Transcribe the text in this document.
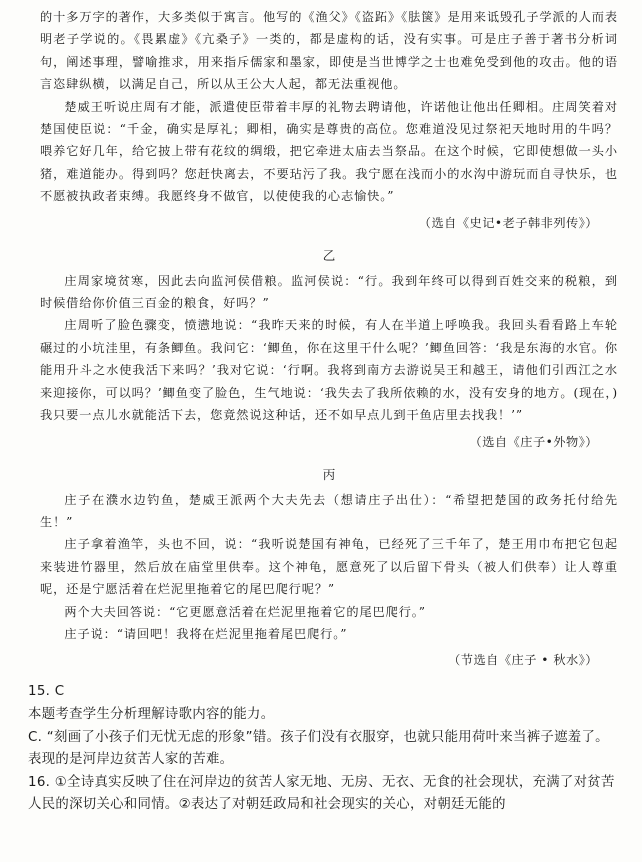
的十多万字的著作，大多类似于寓言。他写的《渔父》《盗跖》《胠箧》是用来诋毁孔子学派的人而表明老子学说的。《畏累虚》《亢桑子》一类的，都是虚构的话，没有实事。可是庄子善于著书分析词句，阐述事理，譬喻推求，用来指斥儒家和墨家，即使是当世博学之士也难免受到他的攻击。他的语言恣肆纵横，以满足自己，所以从王公大人起，都无法重视他。

楚威王听说庄周有才能，派遣使臣带着丰厚的礼物去聘请他，许诺他让他出任卿相。庄周笑着对楚国使臣说：“千金，确实是厚礼；卿相，确实是尊贵的高位。您难道没见过祭祀天地时用的牛吗？喂养它好几年，给它披上带有花纹的绸缎，把它牵进太庙去当祭品。在这个时候，它即使想做一头小猪，难道能办。得到吗？您赶快离去，不要玷污了我。我宁愿在浅而小的水沟中游玩而自寻快乐，也不愿被执政者束缚。我愿终身不做官，以使使我的心志愉快。”

（选自《史记•老子韩非列传》）

乙

庄周家境贫寒，因此去向监河侯借粮。监河侯说：“行。我到年终可以得到百姓交来的税粮，到时候借给你价值三百金的粮食，好吗？”

庄周听了脸色骤变，愤懑地说：“我昨天来的时候，有人在半道上呼唤我。我回头看看路上车轮碾过的小坑洼里，有条鲫鱼。我问它：‘鲫鱼，你在这里干什么呢？’鲫鱼回答：‘我是东海的水官。你能用升斗之水使我活下来吗？’我对它说：‘行啊。我将到南方去游说吴王和越王，请他们引西江之水来迎接你，可以吗？’鲫鱼变了脸色，生气地说：‘我失去了我所依赖的水，没有安身的地方。(现在，)我只要一点儿水就能活下去，您竟然说这种话，还不如早点儿到干鱼店里去找我！’”

（选自《庄子•外物》）

丙

庄子在濮水边钓鱼，楚威王派两个大夫先去（想请庄子出仕）：“希望把楚国的政务托付给先生！”

庄子拿着渔竿，头也不回，说：“我听说楚国有神龟，已经死了三千年了，楚王用巾布把它包起来装进竹器里，然后放在庙堂里供奉。这个神龟，愿意死了以后留下骨头（被人们供奉）让人尊重呢，还是宁愿活着在烂泥里拖着它的尾巴爬行呢？”

两个大夫回答说：“它更愿意活着在烂泥里拖着它的尾巴爬行。”

庄子说：“请回吧！我将在烂泥里拖着尾巴爬行。”

（节选自《庄子 • 秋水》）

15. C

本题考查学生分析理解诗歌内容的能力。

C. “刻画了小孩子们无忧无虑的形象”错。孩子们没有衣服穿，也就只能用荷叶来当裤子遮羞了。表现的是河岸边贫苦人家的苦难。

16. ①全诗真实反映了住在河岸边的贫苦人家无地、无房、无衣、无食的社会现状，充满了对贫苦人民的深切关心和同情。②表达了对朝廷政局和社会现实的关心，对朝廷无能的
